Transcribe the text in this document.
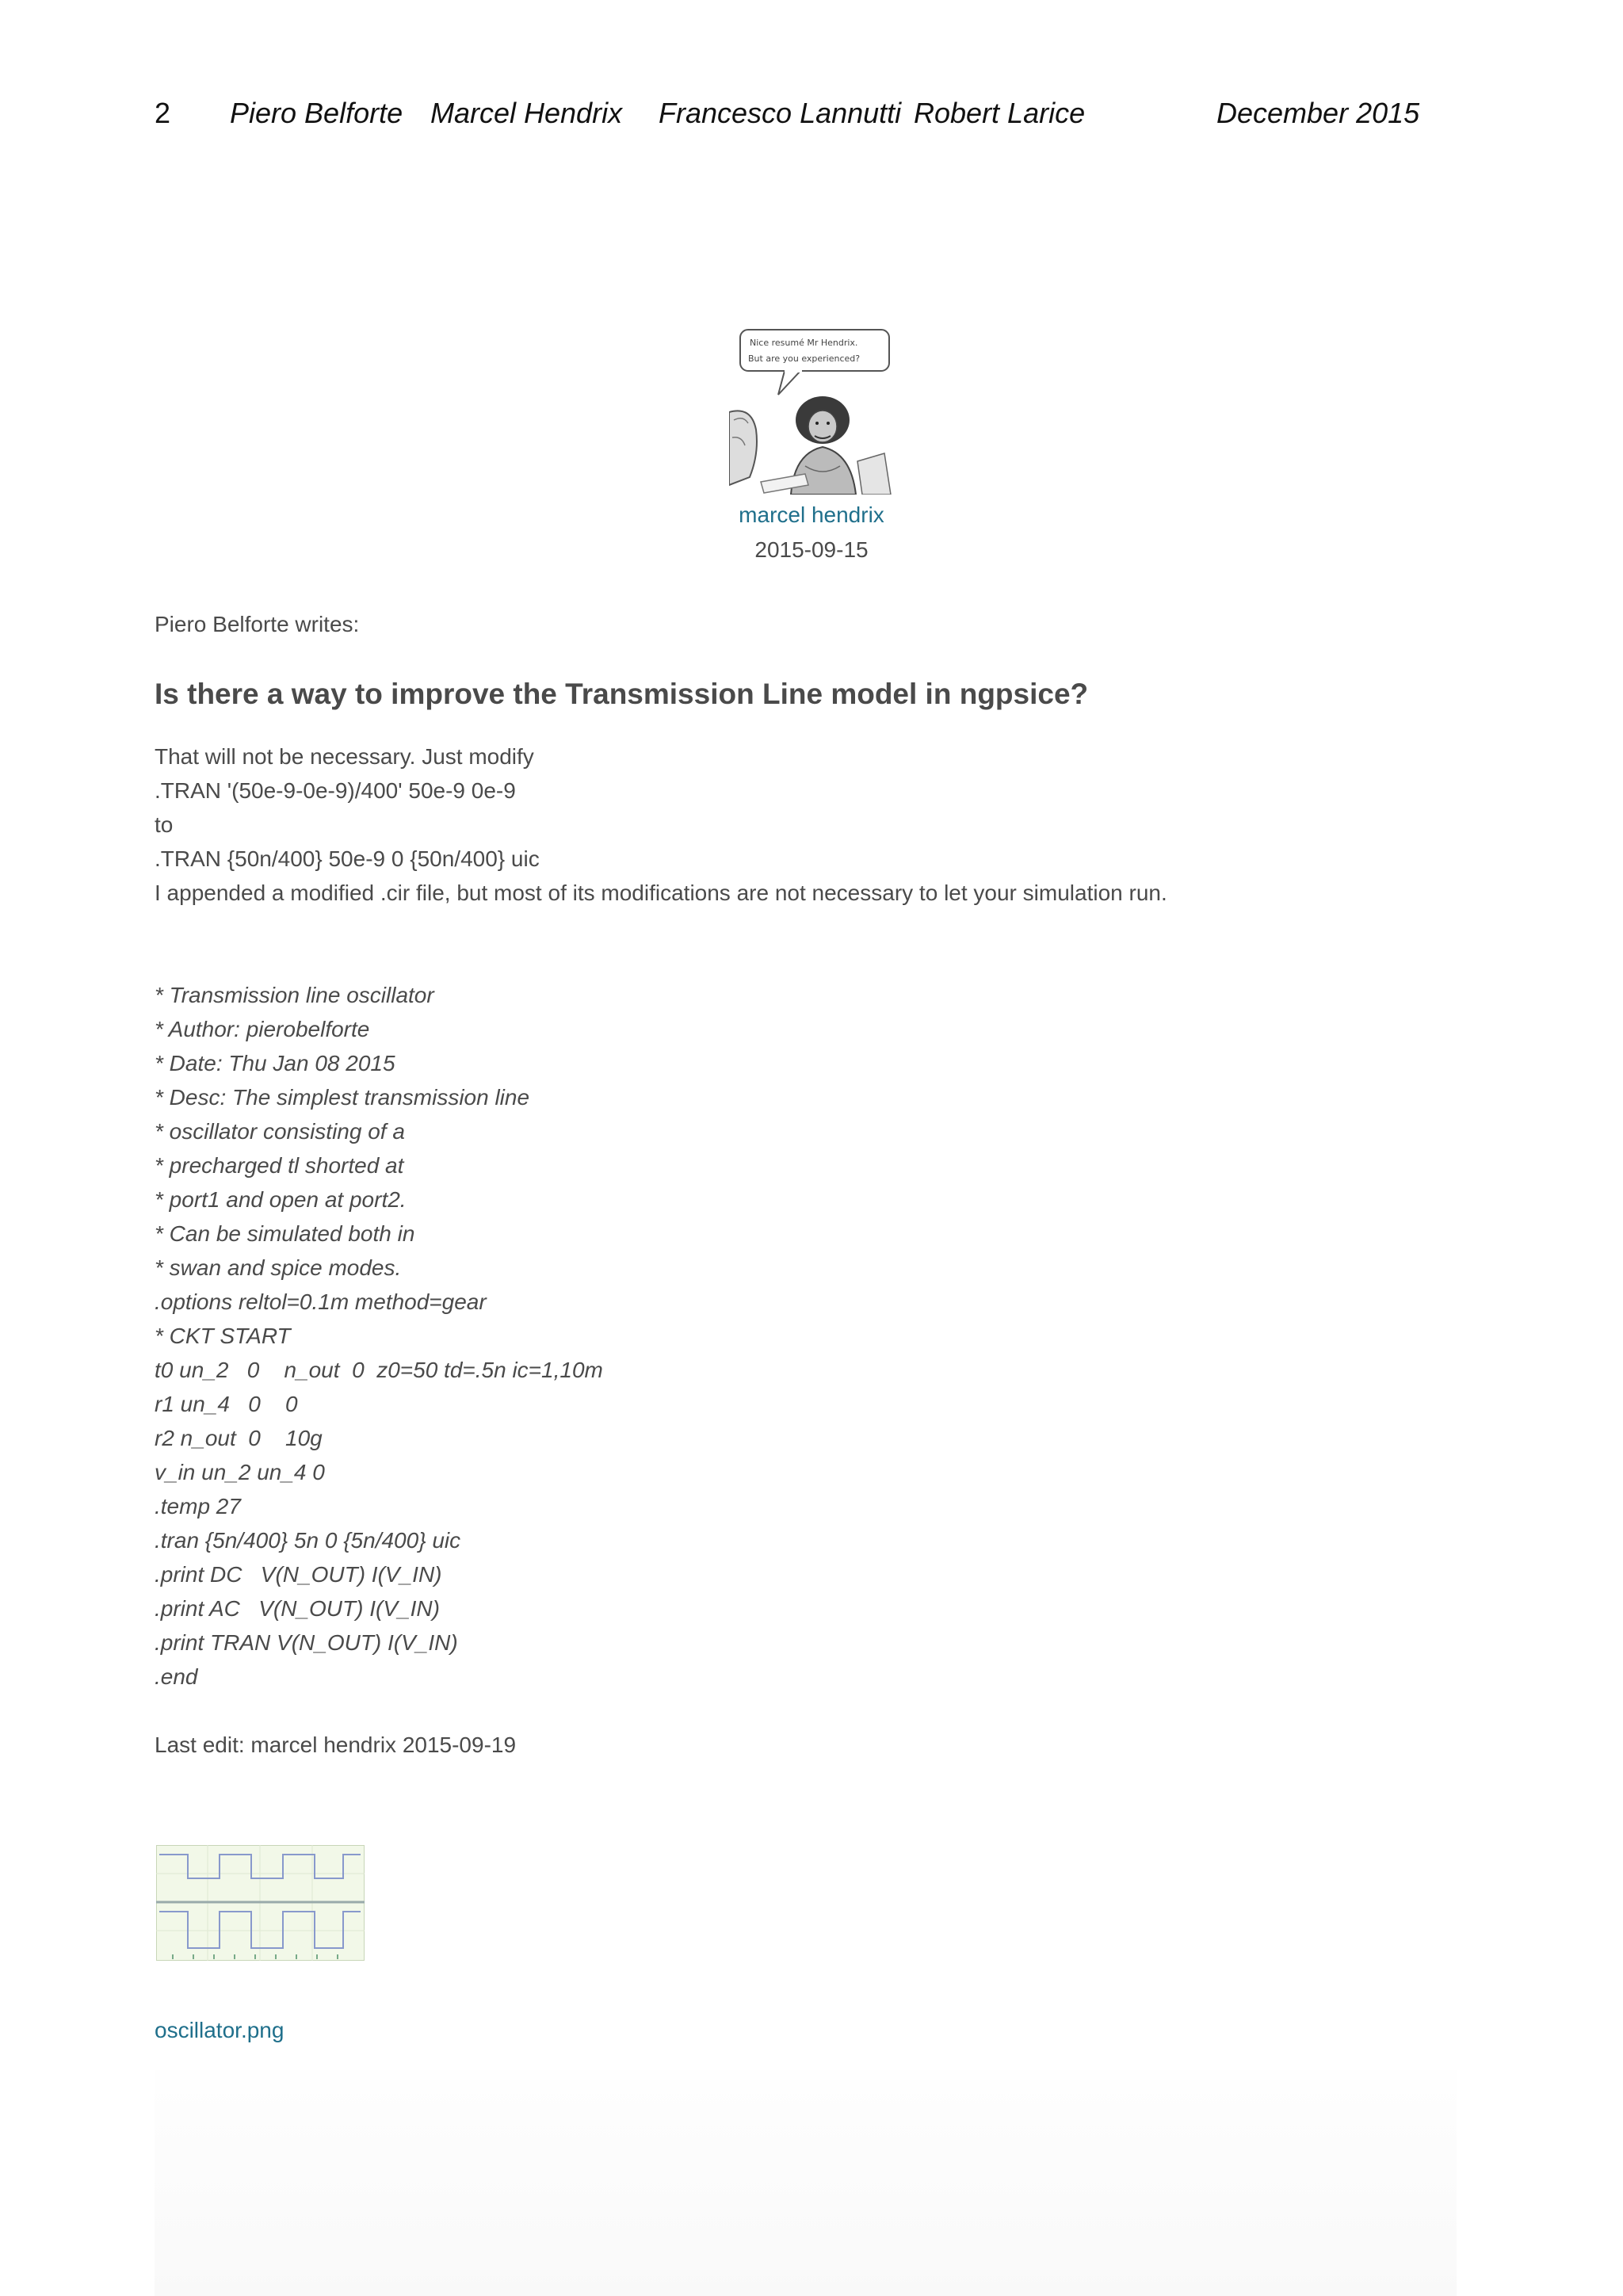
2 Piero Belforte Marcel Hendrix Francesco Lannutti Robert Larice	December 2015
Nice resumé Mr Hendrix.
But are you experienced?
marcel hendrix
2015-09-15

Piero Belforte writes:

Is there a way to improve the Transmission Line model in ngpsice?

That will not be necessary. Just modify

.TRAN '(50e-9-0e-9)/400' 50e-9 0e-9

to

.TRAN {50n/400} 50e-9 0 {50n/400} uic

I appended a modified .cir file, but most of its modifications are not necessary to let your simulation run.

* Transmission line oscillator

* Author: pierobelforte

* Date: Thu Jan 08 2015

* Desc: The simplest transmission line

* oscillator consisting of a

* precharged tl shorted at

* port1 and open at port2.

* Can be simulated both in

* swan and spice modes.

.options reltol=0.1m method=gear

* CKT START

t0 un_2   0    n_out  0  z0=50 td=.5n ic=1,10m

r1 un_4   0    0

r2 n_out  0    10g

v_in un_2 un_4 0

.temp 27

.tran {5n/400} 5n 0 {5n/400} uic

.print DC   V(N_OUT) I(V_IN)

.print AC   V(N_OUT) I(V_IN)

.print TRAN V(N_OUT) I(V_IN)

.end

Last edit: marcel hendrix 2015-09-19

oscillator.png
